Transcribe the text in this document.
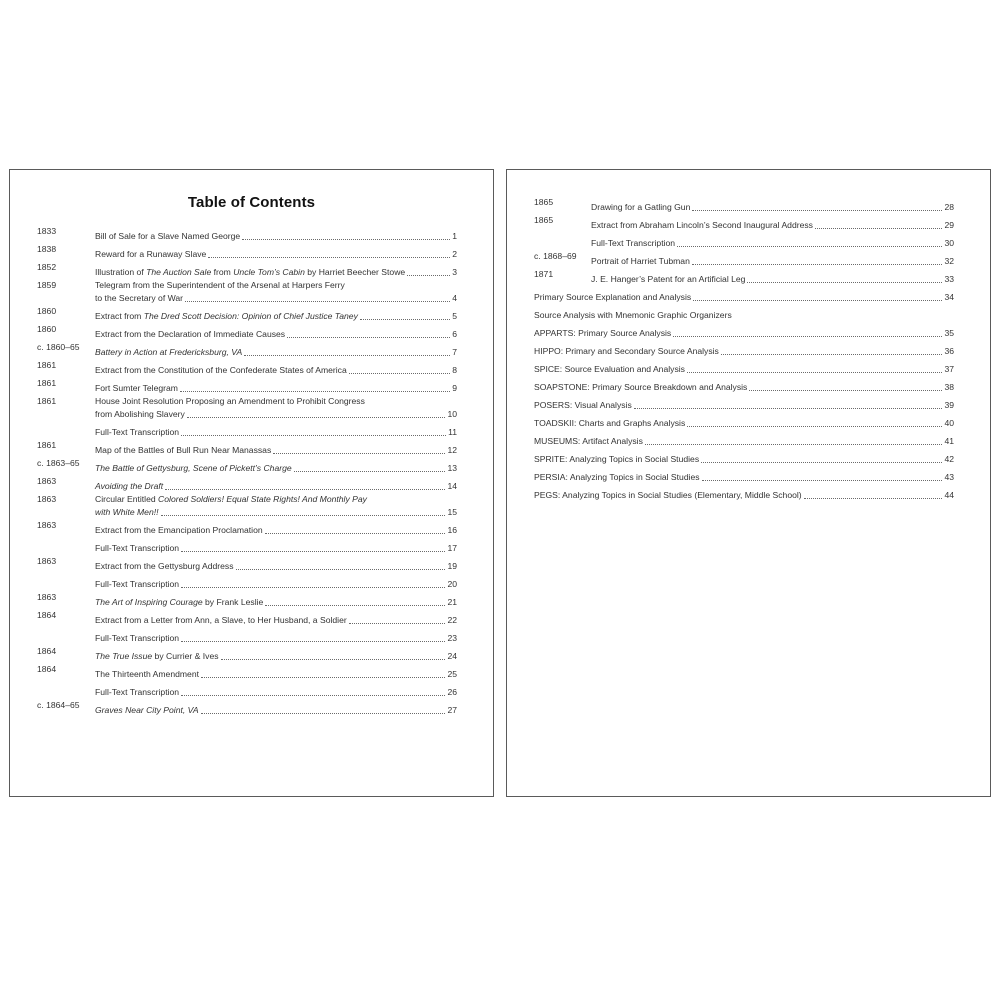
Table of Contents
1833	Bill of Sale for a Slave Named George	1
1838	Reward for a Runaway Slave	2
1852	Illustration of The Auction Sale from Uncle Tom’s Cabin by Harriet Beecher Stowe	3
1859	Telegram from the Superintendent of the Arsenal at Harpers Ferry
to the Secretary of War	4
1860	Extract from The Dred Scott Decision: Opinion of Chief Justice Taney	5
1860	Extract from the Declaration of Immediate Causes	6
c. 1860–65	Battery in Action at Fredericksburg, VA	7
1861	Extract from the Constitution of the Confederate States of America	8
1861	Fort Sumter Telegram	9
1861	House Joint Resolution Proposing an Amendment to Prohibit Congress
from Abolishing Slavery	10
Full-Text Transcription	11
1861	Map of the Battles of Bull Run Near Manassas	12
c. 1863–65	The Battle of Gettysburg, Scene of Pickett’s Charge	13
1863	Avoiding the Draft	14
1863	Circular Entitled Colored Soldiers! Equal State Rights! And Monthly Pay
with White Men!!	15
1863	Extract from the Emancipation Proclamation	16
Full-Text Transcription	17
1863	Extract from the Gettysburg Address	19
Full-Text Transcription	20
1863	The Art of Inspiring Courage by Frank Leslie	21
1864	Extract from a Letter from Ann, a Slave, to Her Husband, a Soldier	22
Full-Text Transcription	23
1864	The True Issue by Currier & Ives	24
1864	The Thirteenth Amendment	25
Full-Text Transcription	26
c. 1864–65	Graves Near City Point, VA	27
1865	Drawing for a Gatling Gun	28
1865	Extract from Abraham Lincoln’s Second Inaugural Address	29
Full-Text Transcription	30
c. 1868–69	Portrait of Harriet Tubman	32
1871	J. E. Hanger’s Patent for an Artificial Leg	33
Primary Source Explanation and Analysis	34
Source Analysis with Mnemonic Graphic Organizers
APPARTS: Primary Source Analysis	35
HIPPO: Primary and Secondary Source Analysis	36
SPICE: Source Evaluation and Analysis	37
SOAPSTONE: Primary Source Breakdown and Analysis	38
POSERS: Visual Analysis	39
TOADSKII: Charts and Graphs Analysis	40
MUSEUMS: Artifact Analysis	41
SPRITE: Analyzing Topics in Social Studies	42
PERSIA: Analyzing Topics in Social Studies	43
PEGS: Analyzing Topics in Social Studies (Elementary, Middle School)	44
